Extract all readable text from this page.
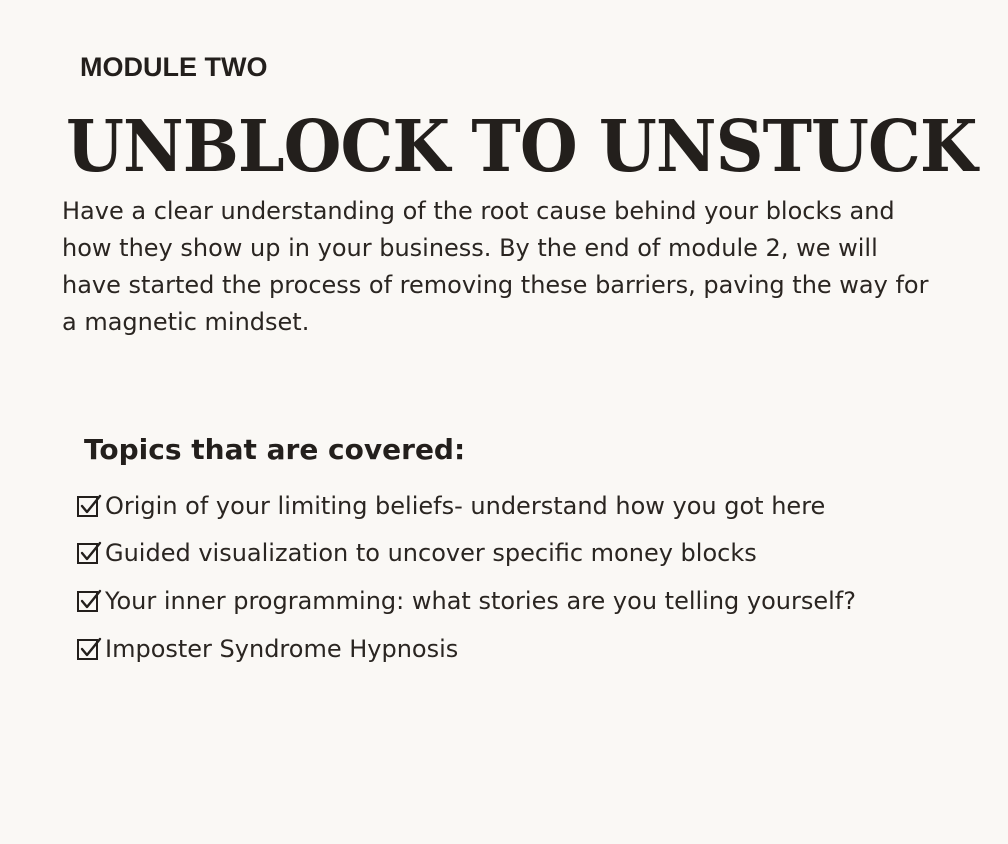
MODULE TWO
UNBLOCK TO UNSTUCK

Have a clear understanding of the root cause behind your blocks and how they show up in your business. By the end of module 2, we will have started the process of removing these barriers, paving the way for a magnetic mindset.

Topics that are covered:
Origin of your limiting beliefs- understand how you got here
Guided visualization to uncover specific money blocks
Your inner programming: what stories are you telling yourself?
Imposter Syndrome Hypnosis
